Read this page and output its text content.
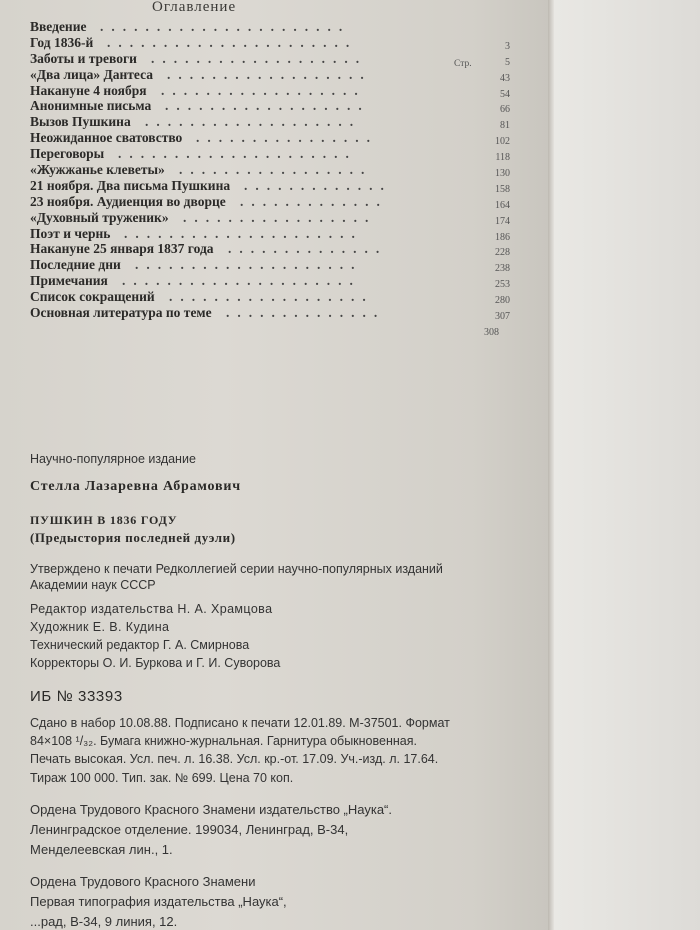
Оглавление
Стр.
Введение ......................
Год 1836-й ......................	3
Заботы и тревоги ...................	5
«Два лица» Дантеса ..................	43
Накануне 4 ноября ..................	54
Анонимные письма ..................	66
Вызов Пушкина ...................	81
Неожиданное сватовство ................	102
Переговоры .....................	118
«Жужжанье клеветы» .................	130
21 ноября. Два письма Пушкина .............	158
23 ноября. Аудиенция во дворце .............	164
«Духовный труженик» .................	174
Поэт и чернь .....................	186
Накануне 25 января 1837 года ..............	228
Последние дни ....................	238
Примечания .....................	253
Список сокращений ..................	280
Основная литература по теме ..............	307
308
Научно-популярное издание
Стелла Лазаревна Абрамович
ПУШКИН В 1836 ГОДУ
(Предыстория последней дуэли)
Утверждено к печати Редколлегией серии научно-популярных изданий
Академии наук СССР
Редактор издательства Н. А. Храмцова
Художник Е. В. Кудина
Технический редактор Г. А. Смирнова
Корректоры О. И. Буркова и Г. И. Суворова
ИБ № 33393
Сдано в набор 10.08.88. Подписано к печати 12.01.89. М-37501. Формат
84×108 ¹/₃₂. Бумага книжно-журнальная. Гарнитура обыкновенная.
Печать высокая. Усл. печ. л. 16.38. Усл. кр.-от. 17.09. Уч.-изд. л. 17.64.
Тираж 100 000. Тип. зак. № 699. Цена 70 коп.
Ордена Трудового Красного Знамени издательство „Наука“.
Ленинградское отделение. 199034, Ленинград, В-34,
Менделеевская лин., 1.
Ордена Трудового Красного Знамени
Первая типография издательства „Наука“,
...рад, В-34, 9 линия, 12.
